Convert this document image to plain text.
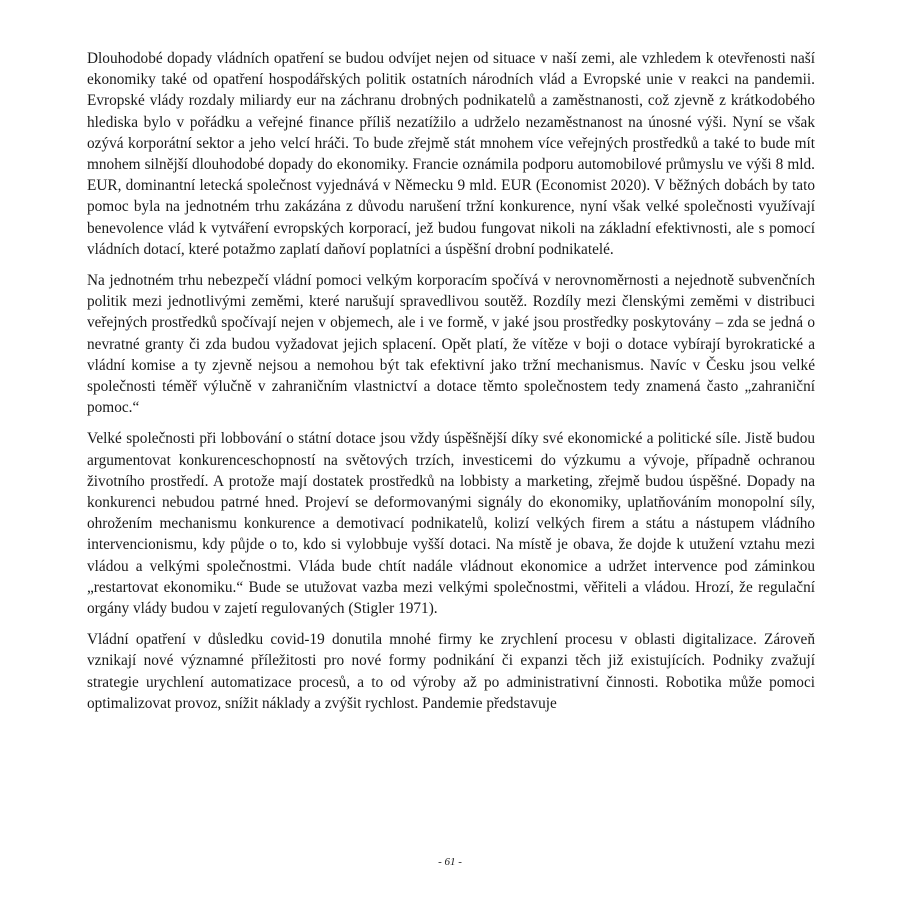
Dlouhodobé dopady vládních opatření se budou odvíjet nejen od situace v naší zemi, ale vzhledem k otevřenosti naší ekonomiky také od opatření hospodářských politik ostatních národních vlád a Evropské unie v reakci na pandemii. Evropské vlády rozdaly miliardy eur na záchranu drobných podnikatelů a zaměstnanosti, což zjevně z krátkodobého hlediska bylo v pořádku a veřejné finance příliš nezatížilo a udrželo nezaměstnanost na únosné výši. Nyní se však ozývá korporátní sektor a jeho velcí hráči. To bude zřejmě stát mnohem více veřejných prostředků a také to bude mít mnohem silnější dlouhodobé dopady do ekonomiky. Francie oznámila podporu automobilové průmyslu ve výši 8 mld. EUR, dominantní letecká společnost vyjednává v Německu 9 mld. EUR (Economist 2020). V běžných dobách by tato pomoc byla na jednotném trhu zakázána z důvodu narušení tržní konkurence, nyní však velké společnosti využívají benevolence vlád k vytváření evropských korporací, jež budou fungovat nikoli na základní efektivnosti, ale s pomocí vládních dotací, které potažmo zaplatí daňoví poplatníci a úspěšní drobní podnikatelé.

Na jednotném trhu nebezpečí vládní pomoci velkým korporacím spočívá v nerovnoměrnosti a nejednotě subvenčních politik mezi jednotlivými zeměmi, které narušují spravedlivou soutěž. Rozdíly mezi členskými zeměmi v distribuci veřejných prostředků spočívají nejen v objemech, ale i ve formě, v jaké jsou prostředky poskytovány – zda se jedná o nevratné granty či zda budou vyžadovat jejich splacení. Opět platí, že vítěze v boji o dotace vybírají byrokratické a vládní komise a ty zjevně nejsou a nemohou být tak efektivní jako tržní mechanismus. Navíc v Česku jsou velké společnosti téměř výlučně v zahraničním vlastnictví a dotace těmto společnostem tedy znamená často „zahraniční pomoc.“

Velké společnosti při lobbování o státní dotace jsou vždy úspěšnější díky své ekonomické a politické síle. Jistě budou argumentovat konkurenceschopností na světových trzích, investicemi do výzkumu a vývoje, případně ochranou životního prostředí. A protože mají dostatek prostředků na lobbisty a marketing, zřejmě budou úspěšné. Dopady na konkurenci nebudou patrné hned. Projeví se deformovanými signály do ekonomiky, uplatňováním monopolní síly, ohrožením mechanismu konkurence a demotivací podnikatelů, kolizí velkých firem a státu a nástupem vládního intervencionismu, kdy půjde o to, kdo si vylobbuje vyšší dotaci. Na místě je obava, že dojde k utužení vztahu mezi vládou a velkými společnostmi. Vláda bude chtít nadále vládnout ekonomice a udržet intervence pod záminkou „restartovat ekonomiku.“ Bude se utužovat vazba mezi velkými společnostmi, věřiteli a vládou. Hrozí, že regulační orgány vlády budou v zajetí regulovaných (Stigler 1971).

Vládní opatření v důsledku covid-19 donutila mnohé firmy ke zrychlení procesu v oblasti digitalizace. Zároveň vznikají nové významné příležitosti pro nové formy podnikání či expanzi těch již existujících. Podniky zvažují strategie urychlení automatizace procesů, a to od výroby až po administrativní činnosti. Robotika může pomoci optimalizovat provoz, snížit náklady a zvýšit rychlost. Pandemie představuje

- 61 -
